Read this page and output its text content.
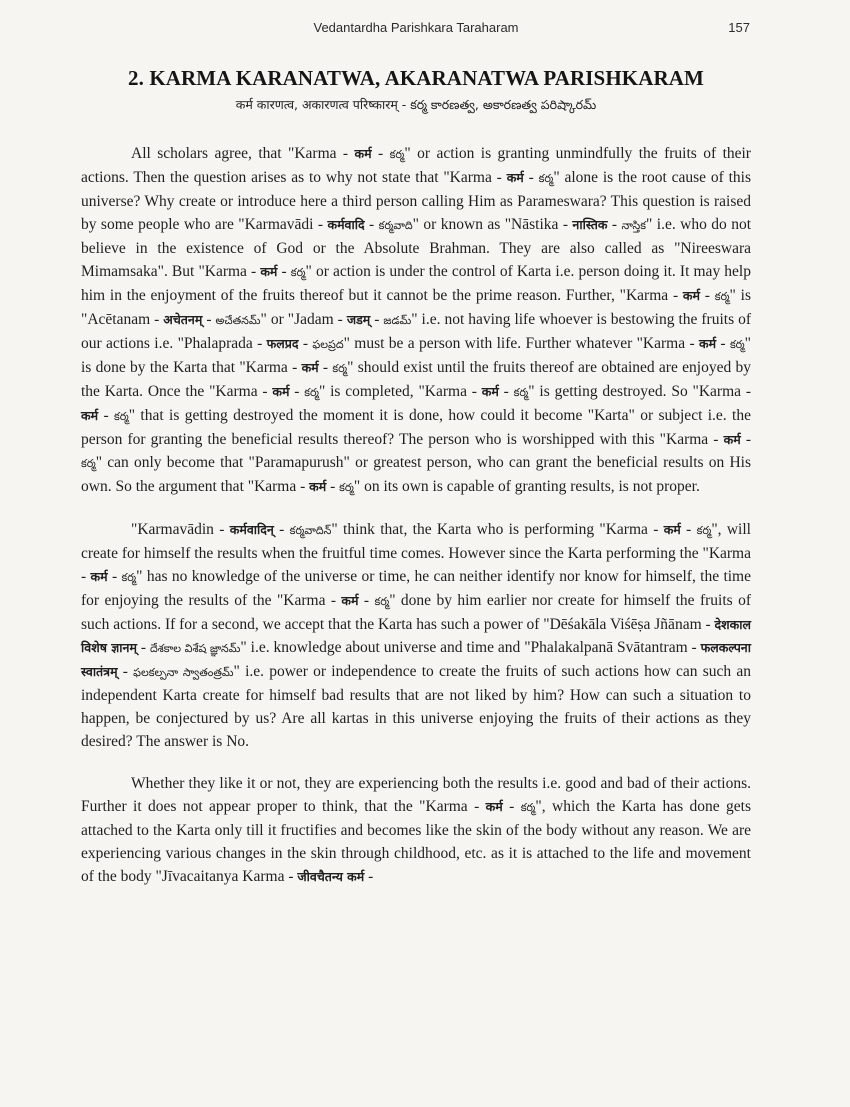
Vedantardha Parishkara Taraharam	157
2. KARMA KARANATWA, AKARANATWA PARISHKARAM
कर्म कारणत्व, अकारणत्व परिष्कारम् - కర్మ కారణత్వ, అకారణత్వ పరిష్కారమ్

All scholars agree, that "Karma - कर्म - కర్మ" or action is granting unmindfully the fruits of their actions. Then the question arises as to why not state that "Karma - कर्म - కర్మ" alone is the root cause of this universe? Why create or introduce here a third person calling Him as Parameswara? This question is raised by some people who are "Karmavādi - कर्मवादि - కర్మవాది" or known as "Nāstika - नास्तिक - నాస్తిక" i.e. who do not believe in the existence of God or the Absolute Brahman. They are also called as "Nireeswara Mimamsaka". But "Karma - कर्म - కర్మ" or action is under the control of Karta i.e. person doing it. It may help him in the enjoyment of the fruits thereof but it cannot be the prime reason. Further, "Karma - कर्म - కర్మ" is "Acētanam - अचेतनम् - అచేతనమ్" or "Jadam - जडम् - జడమ్" i.e. not having life whoever is bestowing the fruits of our actions i.e. "Phalaprada - फलप्रद - ఫలప్రద" must be a person with life. Further whatever "Karma - कर्म - కర్మ" is done by the Karta that "Karma - कर्म - కర్మ" should exist until the fruits thereof are obtained are enjoyed by the Karta. Once the "Karma - कर्म - కర్మ" is completed, "Karma - कर्म - కర్మ" is getting destroyed. So "Karma - कर्म - కర్మ" that is getting destroyed the moment it is done, how could it become "Karta" or subject i.e. the person for granting the beneficial results thereof? The person who is worshipped with this "Karma - कर्म - కర్మ" can only become that "Paramapurush" or greatest person, who can grant the beneficial results on His own. So the argument that "Karma - कर्म - కర్మ" on its own is capable of granting results, is not proper.

"Karmavādin - कर्मवादिन् - కర్మవాదిన్" think that, the Karta who is performing "Karma - कर्म - కర్మ", will create for himself the results when the fruitful time comes. However since the Karta performing the "Karma - कर्म - కర్మ" has no knowledge of the universe or time, he can neither identify nor know for himself, the time for enjoying the results of the "Karma - कर्म - కర్మ" done by him earlier nor create for himself the fruits of such actions. If for a second, we accept that the Karta has such a power of "Dēśakāla Viśēṣa Jñānam - देशकाल विशेष ज्ञानम् - దేశకాల విశేష జ్ఞానమ్" i.e. knowledge about universe and time and "Phalakalpanā Svātantram - फलकल्पना स्वातंत्रम् - ఫలకల్పనా స్వాతంత్రమ్" i.e. power or independence to create the fruits of such actions how can such an independent Karta create for himself bad results that are not liked by him? How can such a situation to happen, be conjectured by us? Are all kartas in this universe enjoying the fruits of their actions as they desired? The answer is No.

Whether they like it or not, they are experiencing both the results i.e. good and bad of their actions. Further it does not appear proper to think, that the "Karma - कर्म - కర్మ", which the Karta has done gets attached to the Karta only till it fructifies and becomes like the skin of the body without any reason. We are experiencing various changes in the skin through childhood, etc. as it is attached to the life and movement of the body "Jīvacaitanya Karma - जीवचैतन्य कर्म -
